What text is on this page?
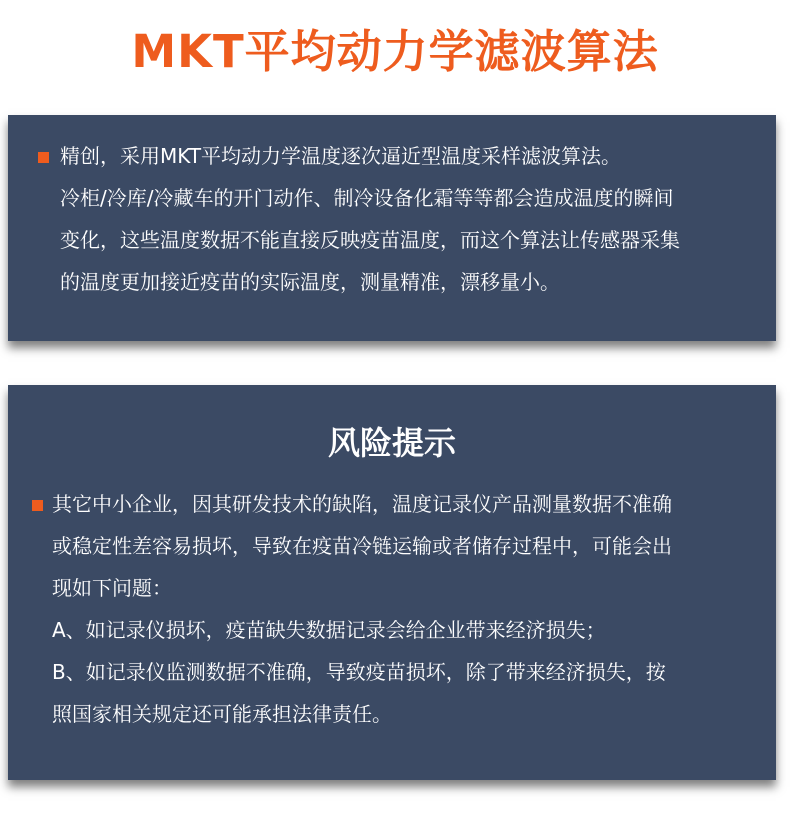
MKT平均动力学滤波算法

精创，采用MKT平均动力学温度逐次逼近型温度采样滤波算法。
冷柜/冷库/冷藏车的开门动作、制冷设备化霜等等都会造成温度的瞬间
变化，这些温度数据不能直接反映疫苗温度，而这个算法让传感器采集
的温度更加接近疫苗的实际温度，测量精准，漂移量小。

风险提示

其它中小企业，因其研发技术的缺陷，温度记录仪产品测量数据不准确
或稳定性差容易损坏，导致在疫苗冷链运输或者储存过程中，可能会出
现如下问题：
A、如记录仪损坏，疫苗缺失数据记录会给企业带来经济损失；
B、如记录仪监测数据不准确，导致疫苗损坏，除了带来经济损失，按
照国家相关规定还可能承担法律责任。
